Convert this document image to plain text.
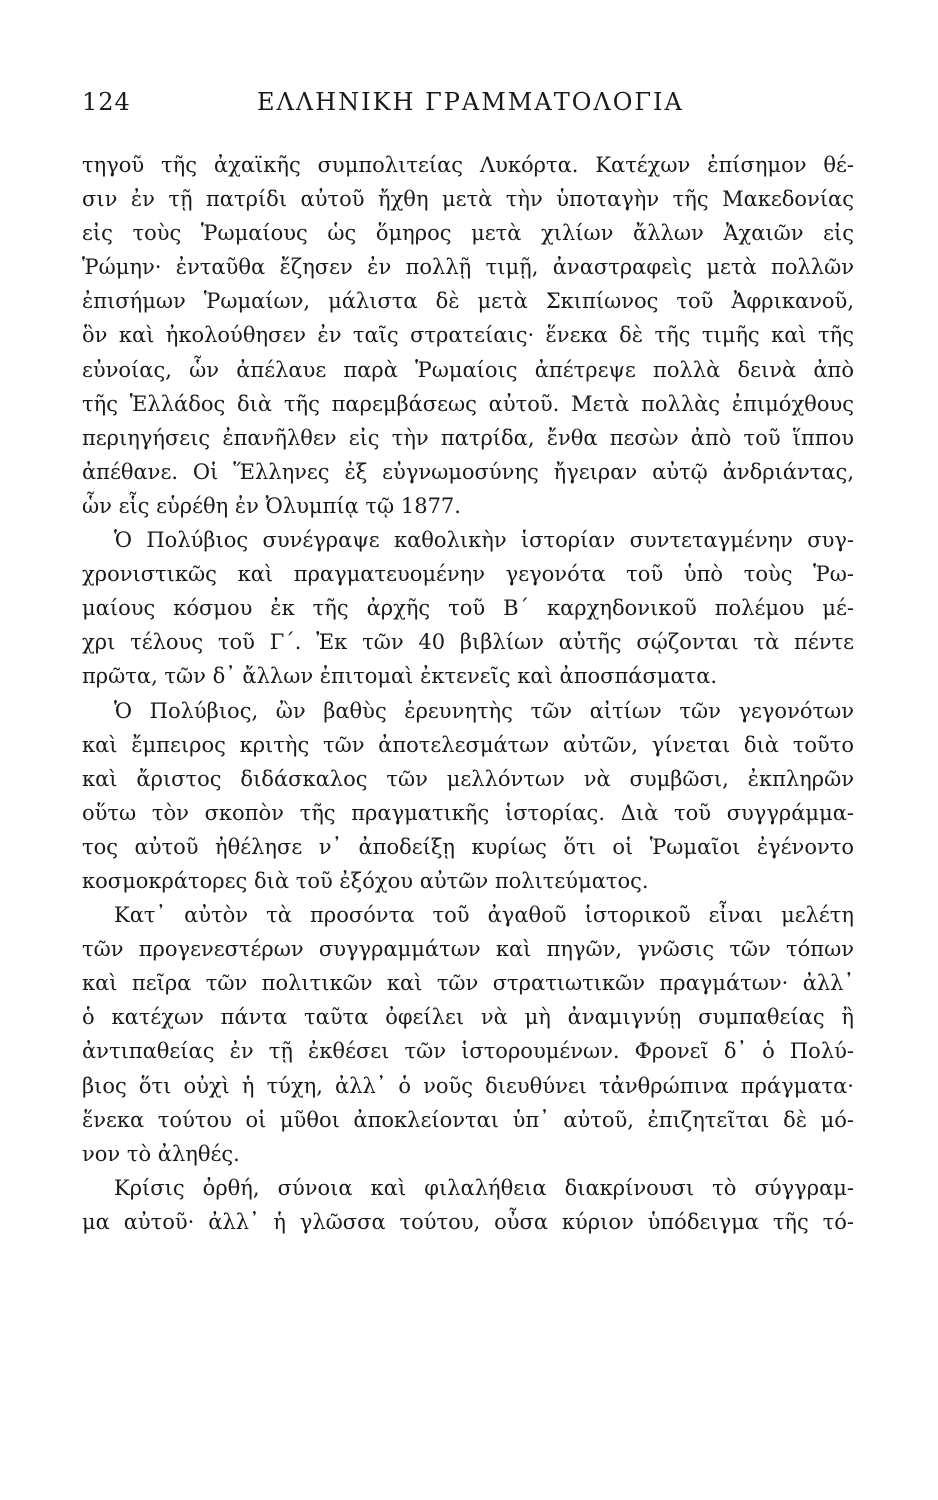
124	ΕΛΛΗΝΙΚΗ ΓΡΑΜΜΑΤΟΛΟΓΙΑ
τηγοῦ τῆς ἀχαϊκῆς συμπολιτείας Λυκόρτα. Κατέχων ἐπίσημον θέ-
σιν ἐν τῇ πατρίδι αὐτοῦ ἤχθη μετὰ τὴν ὑποταγὴν τῆς Μακεδονίας
εἰς τοὺς Ῥωμαίους ὡς ὅμηρος μετὰ χιλίων ἄλλων Ἀχαιῶν εἰς
Ῥώμην· ἐνταῦθα ἔζησεν ἐν πολλῇ τιμῇ, ἀναστραφεὶς μετὰ πολλῶν
ἐπισήμων Ῥωμαίων, μάλιστα δὲ μετὰ Σκιπίωνος τοῦ Ἀφρικανοῦ,
ὃν καὶ ἠκολούθησεν ἐν ταῖς στρατείαις· ἕνεκα δὲ τῆς τιμῆς καὶ τῆς
εὐνοίας, ὧν ἀπέλαυε παρὰ Ῥωμαίοις ἀπέτρεψε πολλὰ δεινὰ ἀπὸ
τῆς Ἑλλάδος διὰ τῆς παρεμβάσεως αὐτοῦ. Μετὰ πολλὰς ἐπιμόχθους
περιηγήσεις ἐπανῆλθεν εἰς τὴν πατρίδα, ἔνθα πεσὼν ἀπὸ τοῦ ἵππου
ἀπέθανε. Οἱ Ἕλληνες ἐξ εὐγνωμοσύνης ἤγειραν αὐτῷ ἀνδριάντας,
ὧν εἷς εὑρέθη ἐν Ὀλυμπίᾳ τῷ 1877.
Ὁ Πολύβιος συνέγραψε καθολικὴν ἱστορίαν συντεταγμένην συγ-
χρονιστικῶς καὶ πραγματευομένην γεγονότα τοῦ ὑπὸ τοὺς Ῥω-
μαίους κόσμου ἐκ τῆς ἀρχῆς τοῦ Β΄ καρχηδονικοῦ πολέμου μέ-
χρι τέλους τοῦ Γ΄. Ἐκ τῶν 40 βιβλίων αὐτῆς σῴζονται τὰ πέντε
πρῶτα, τῶν δ᾽ ἄλλων ἐπιτομαὶ ἐκτενεῖς καὶ ἀποσπάσματα.
Ὁ Πολύβιος, ὢν βαθὺς ἐρευνητὴς τῶν αἰτίων τῶν γεγονότων
καὶ ἔμπειρος κριτὴς τῶν ἀποτελεσμάτων αὐτῶν, γίνεται διὰ τοῦτο
καὶ ἄριστος διδάσκαλος τῶν μελλόντων νὰ συμβῶσι, ἐκπληρῶν
οὕτω τὸν σκοπὸν τῆς πραγματικῆς ἱστορίας. Διὰ τοῦ συγγράμμα-
τος αὐτοῦ ἠθέλησε ν᾽ ἀποδείξῃ κυρίως ὅτι οἱ Ῥωμαῖοι ἐγένοντο
κοσμοκράτορες διὰ τοῦ ἐξόχου αὐτῶν πολιτεύματος.
Κατ᾽ αὐτὸν τὰ προσόντα τοῦ ἀγαθοῦ ἱστορικοῦ εἶναι μελέτη
τῶν προγενεστέρων συγγραμμάτων καὶ πηγῶν, γνῶσις τῶν τόπων
καὶ πεῖρα τῶν πολιτικῶν καὶ τῶν στρατιωτικῶν πραγμάτων· ἀλλ᾽
ὁ κατέχων πάντα ταῦτα ὀφείλει νὰ μὴ ἀναμιγνύῃ συμπαθείας ἢ
ἀντιπαθείας ἐν τῇ ἐκθέσει τῶν ἱστορουμένων. Φρονεῖ δ᾽ ὁ Πολύ-
βιος ὅτι οὐχὶ ἡ τύχη, ἀλλ᾽ ὁ νοῦς διευθύνει τἀνθρώπινα πράγματα·
ἕνεκα τούτου οἱ μῦθοι ἀποκλείονται ὑπ᾽ αὐτοῦ, ἐπιζητεῖται δὲ μό-
νον τὸ ἀληθές.
Κρίσις ὀρθή, σύνοια καὶ φιλαλήθεια διακρίνουσι τὸ σύγγραμ-
μα αὐτοῦ· ἀλλ᾽ ἡ γλῶσσα τούτου, οὖσα κύριον ὑπόδειγμα τῆς τό-
